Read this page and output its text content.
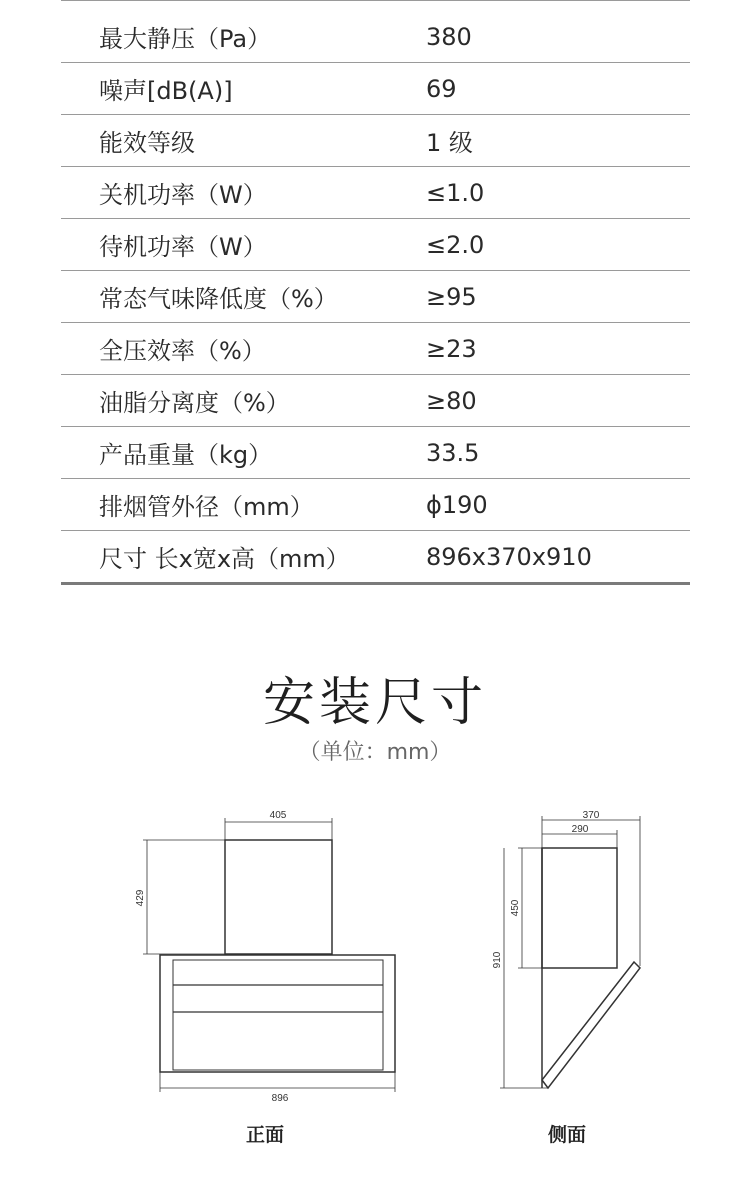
最大静压（Pa）	380
噪声[dB(A)]	69
能效等级	1 级
关机功率（W）	≤1.0
待机功率（W）	≤2.0
常态气味降低度（%）	≥95
全压效率（%）	≥23
油脂分离度（%）	≥80
产品重量（kg）	33.5
排烟管外径（mm）	ϕ190
尺寸 长x宽x高（mm）	896x370x910
安装尺寸
（单位：mm）
405
429
896
370
290
450
910
正面	侧面
